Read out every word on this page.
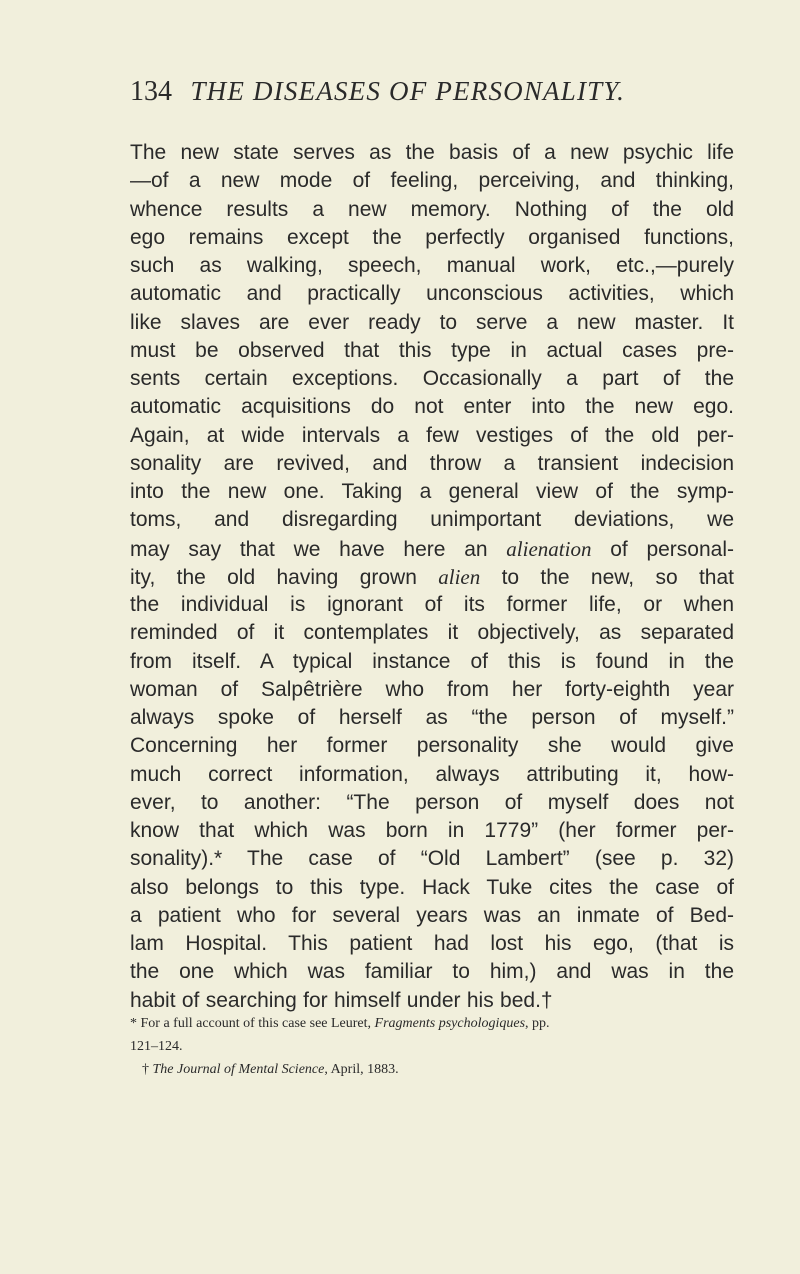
134 THE DISEASES OF PERSONALITY.
The new state serves as the basis of a new psychic life
—of a new mode of feeling, perceiving, and thinking,
whence results a new memory. Nothing of the old
ego remains except the perfectly organised functions,
such as walking, speech, manual work, etc.,—purely
automatic and practically unconscious activities, which
like slaves are ever ready to serve a new master. It
must be observed that this type in actual cases pre-
sents certain exceptions. Occasionally a part of the
automatic acquisitions do not enter into the new ego.
Again, at wide intervals a few vestiges of the old per-
sonality are revived, and throw a transient indecision
into the new one. Taking a general view of the symp-
toms, and disregarding unimportant deviations, we
may say that we have here an alienation of personal-
ity, the old having grown alien to the new, so that
the individual is ignorant of its former life, or when
reminded of it contemplates it objectively, as separated
from itself. A typical instance of this is found in the
woman of Salpêtrière who from her forty-eighth year
always spoke of herself as “the person of myself.”
Concerning her former personality she would give
much correct information, always attributing it, how-
ever, to another: “The person of myself does not
know that which was born in 1779” (her former per-
sonality).* The case of “Old Lambert” (see p. 32)
also belongs to this type. Hack Tuke cites the case of
a patient who for several years was an inmate of Bed-
lam Hospital. This patient had lost his ego, (that is
the one which was familiar to him,) and was in the
habit of searching for himself under his bed.†
* For a full account of this case see Leuret, Fragments psychologiques, pp.
121–124.
† The Journal of Mental Science, April, 1883.
